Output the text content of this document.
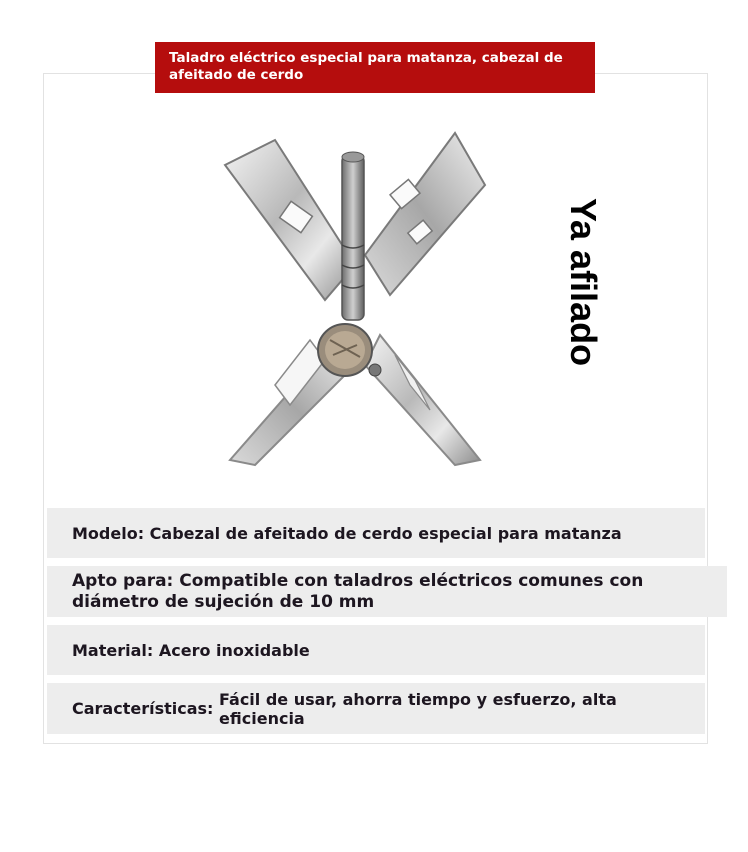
Taladro eléctrico especial para matanza, cabezal de afeitado de cerdo
Ya afilado
Modelo:
Cabezal de afeitado de cerdo especial para matanza
Apto para: Compatible con taladros eléctricos comunes con diámetro de sujeción de 10 mm
Material:
Acero inoxidable
Características:
Fácil de usar, ahorra tiempo y esfuerzo, alta eficiencia
